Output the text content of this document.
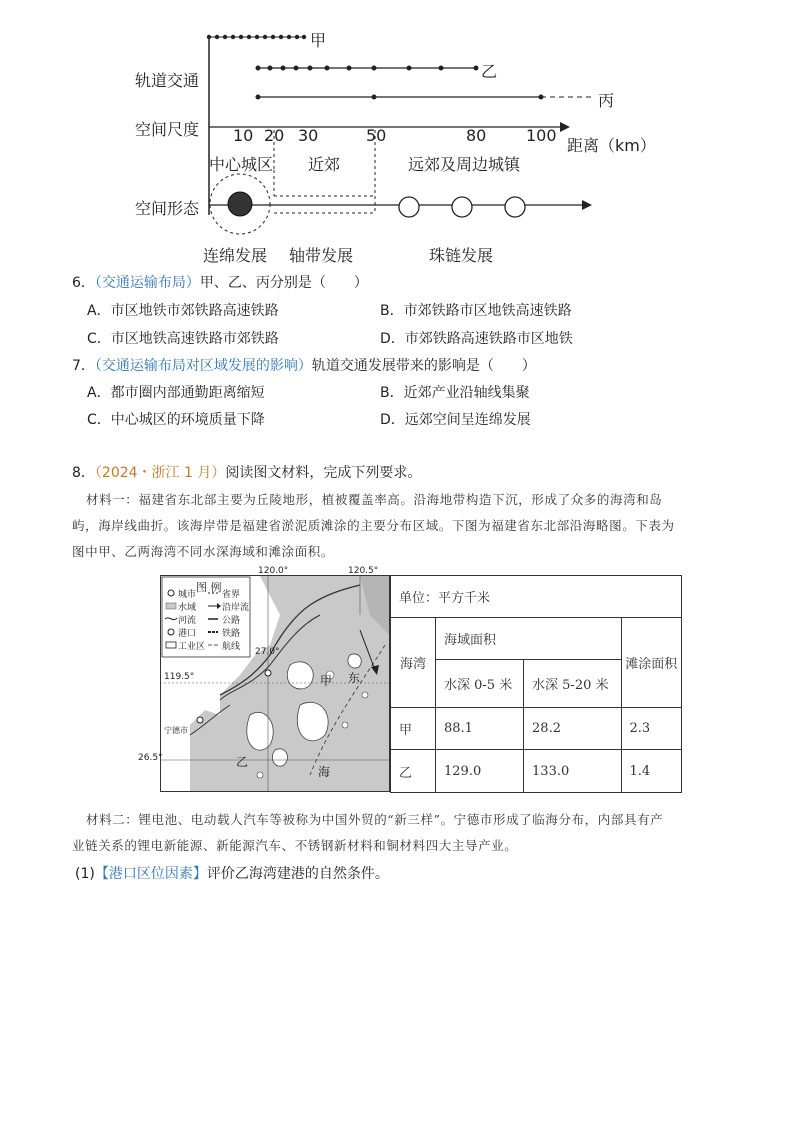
轨道交通
空间尺度
空间形态
甲
乙
丙
10 20 30	50	80 100
距离（km）
中心城区 近郊	远郊及周边城镇
连绵发展 轴带发展	珠链发展
6．（交通运输布局）甲、乙、丙分别是（　　）
A．市区地铁市郊铁路高速铁路	B．市郊铁路市区地铁高速铁路
C．市区地铁高速铁路市郊铁路	D．市郊铁路高速铁路市区地铁
7．（交通运输布局对区域发展的影响）轨道交通发展带来的影响是（　　）
A．都市圈内部通勤距离缩短	B．近郊产业沿轴线集聚
C．中心城区的环境质量下降	D．远郊空间呈连绵发展
8．（2024・浙江 1 月）阅读图文材料，完成下列要求。
材料一：福建省东北部主要为丘陵地形，植被覆盖率高。沿海地带构造下沉，形成了众多的海湾和岛
屿，海岸线曲折。该海岸带是福建省淤泥质滩涂的主要分布区域。下图为福建省东北部沿海略图。下表为
图中甲、乙两海湾不同水深海域和滩涂面积。
图 例
城市	省界
水域	沿岸流
河流	公路
港口	铁路
工业区 航线
120.0°	120.5°
119.5°
27.0°
26.5°
甲 东
乙
海
宁德市
单位：平方千米			
海湾	海域面积		滩涂面积
	水深 0-5 米	水深 5-20 米	
甲	88.1	28.2	2.3
乙	129.0	133.0	1.4
材料二：锂电池、电动载人汽车等被称为中国外贸的“新三样”。宁德市形成了临海分布，内部具有产
业链关系的锂电新能源、新能源汽车、不锈钢新材料和铜材料四大主导产业。
(1)【港口区位因素】评价乙海湾建港的自然条件。
